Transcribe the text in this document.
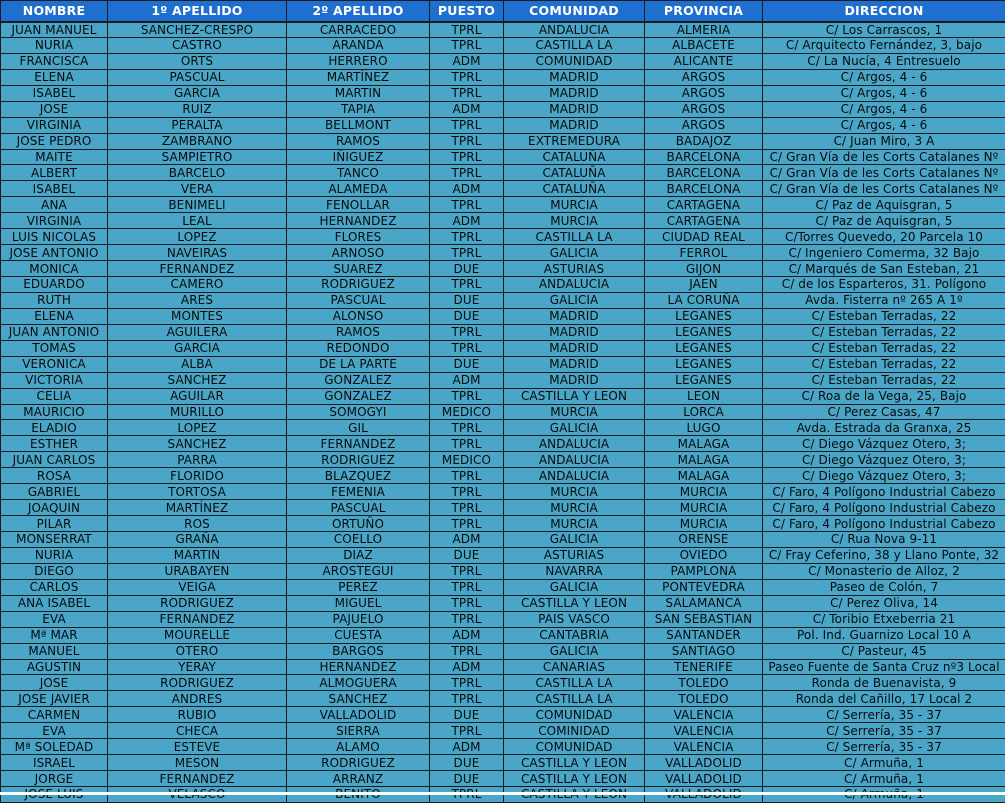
NOMBRE	1º APELLIDO	2º APELLIDO	PUESTO	COMUNIDAD	PROVINCIA	DIRECCION
JUAN MANUEL	SANCHEZ-CRESPO	CARRACEDO	TPRL	ANDALUCIA	ALMERIA	C/ Los Carrascos, 1
NURIA	CASTRO	ARANDA	TPRL	CASTILLA LA	ALBACETE	C/ Arquitecto Fernández, 3, bajo
FRANCISCA	ORTS	HERRERO	ADM	COMUNIDAD	ALICANTE	C/ La Nucía, 4 Entresuelo
ELENA	PASCUAL	MARTÍNEZ	TPRL	MADRID	ARGOS	C/ Argos, 4 - 6
ISABEL	GARCIA	MARTIN	TPRL	MADRID	ARGOS	C/ Argos, 4 - 6
JOSE	RUIZ	TAPIA	ADM	MADRID	ARGOS	C/ Argos, 4 - 6
VIRGINIA	PERALTA	BELLMONT	TPRL	MADRID	ARGOS	C/ Argos, 4 - 6
JOSE PEDRO	ZAMBRANO	RAMOS	TPRL	EXTREMEDURA	BADAJOZ	C/ Juan Miro, 3 A
MAITE	SAMPIETRO	IÑIGUEZ	TPRL	CATALUÑA	BARCELONA	C/ Gran Vía de les Corts Catalanes Nº
ALBERT	BARCELO	TANCO	TPRL	CATALUÑA	BARCELONA	C/ Gran Vía de les Corts Catalanes Nº
ISABEL	VERA	ALAMEDA	ADM	CATALUÑA	BARCELONA	C/ Gran Vía de les Corts Catalanes Nº
ANA	BENIMELI	FENOLLAR	TPRL	MURCIA	CARTAGENA	C/ Paz de Aquisgran, 5
VIRGINIA	LEAL	HERNANDEZ	ADM	MURCIA	CARTAGENA	C/ Paz de Aquisgran, 5
LUIS NICOLAS	LOPEZ	FLORES	TPRL	CASTILLA LA	CIUDAD REAL	C/Torres Quevedo, 20 Parcela 10
JOSE ANTONIO	NAVEIRAS	ARNOSO	TPRL	GALICIA	FERROL	C/ Ingeniero Comerma, 32 Bajo
MONICA	FERNANDEZ	SUAREZ	DUE	ASTURIAS	GIJON	C/ Marqués de San Esteban, 21
EDUARDO	CAMERO	RODRIGUEZ	TPRL	ANDALUCIA	JAEN	C/ de los Esparteros, 31. Polígono
RUTH	ARES	PASCUAL	DUE	GALICIA	LA CORUÑA	Avda. Fisterra nº 265 A 1º
ELENA	MONTES	ALONSO	DUE	MADRID	LEGANES	C/ Esteban Terradas, 22
JUAN ANTONIO	AGUILERA	RAMOS	TPRL	MADRID	LEGANES	C/ Esteban Terradas, 22
TOMAS	GARCIA	REDONDO	TPRL	MADRID	LEGANES	C/ Esteban Terradas, 22
VERONICA	ALBA	DE LA PARTE	DUE	MADRID	LEGANES	C/ Esteban Terradas, 22
VICTORIA	SANCHEZ	GONZALEZ	ADM	MADRID	LEGANES	C/ Esteban Terradas, 22
CELIA	AGUILAR	GONZALEZ	TPRL	CASTILLA Y LEON	LEON	C/ Roa de la Vega, 25, Bajo
MAURICIO	MURILLO	SOMOGYI	MEDICO	MURCIA	LORCA	C/ Perez Casas, 47
ELADIO	LOPEZ	GIL	TPRL	GALICIA	LUGO	Avda. Estrada da Granxa, 25
ESTHER	SANCHEZ	FERNANDEZ	TPRL	ANDALUCIA	MALAGA	C/ Diego Vázquez Otero, 3;
JUAN CARLOS	PARRA	RODRIGUEZ	MEDICO	ANDALUCIA	MALAGA	C/ Diego Vázquez Otero, 3;
ROSA	FLORIDO	BLAZQUEZ	TPRL	ANDALUCIA	MALAGA	C/ Diego Vázquez Otero, 3;
GABRIEL	TORTOSA	FEMENIA	TPRL	MURCIA	MURCIA	C/ Faro, 4 Polígono Industrial Cabezo
JOAQUIN	MARTÍNEZ	PASCUAL	TPRL	MURCIA	MURCIA	C/ Faro, 4 Polígono Industrial Cabezo
PILAR	ROS	ORTUÑO	TPRL	MURCIA	MURCIA	C/ Faro, 4 Polígono Industrial Cabezo
MONSERRAT	GRAÑA	COELLO	ADM	GALICIA	ORENSE	C/ Rua Nova 9-11
NURIA	MARTIN	DIAZ	DUE	ASTURIAS	OVIEDO	C/ Fray Ceferino, 38 y Llano Ponte, 32
DIEGO	URABAYEN	AROSTEGUI	TPRL	NAVARRA	PAMPLONA	C/ Monasterio de Alloz, 2
CARLOS	VEIGA	PEREZ	TPRL	GALICIA	PONTEVEDRA	Paseo de Colón, 7
ANA ISABEL	RODRIGUEZ	MIGUEL	TPRL	CASTILLA Y LEON	SALAMANCA	C/ Perez Oliva, 14
EVA	FERNANDEZ	PAJUELO	TPRL	PAIS VASCO	SAN SEBASTIAN	C/ Toribio Etxeberria 21
Mª MAR	MOURELLE	CUESTA	ADM	CANTABRIA	SANTANDER	Pol. Ind. Guarnizo Local 10 A
MANUEL	OTERO	BARGOS	TPRL	GALICIA	SANTIAGO	C/ Pasteur, 45
AGUSTIN	YERAY	HERNANDEZ	ADM	CANARIAS	TENERIFE	Paseo Fuente de Santa Cruz nº3 Local
JOSE	RODRIGUEZ	ALMOGUERA	TPRL	CASTILLA LA	TOLEDO	Ronda de Buenavista, 9
JOSE JAVIER	ANDRES	SANCHEZ	TPRL	CASTILLA LA	TOLEDO	Ronda del Cañillo, 17 Local 2
CARMEN	RUBIO	VALLADOLID	DUE	COMUNIDAD	VALENCIA	C/ Serrería, 35 - 37
EVA	CHECA	SIERRA	TPRL	COMINIDAD	VALENCIA	C/ Serrería, 35 - 37
Mª SOLEDAD	ESTEVE	ALAMO	ADM	COMUNIDAD	VALENCIA	C/ Serrería, 35 - 37
ISRAEL	MESON	RODRIGUEZ	DUE	CASTILLA Y LEON	VALLADOLID	C/ Armuña, 1
JORGE	FERNANDEZ	ARRANZ	DUE	CASTILLA Y LEON	VALLADOLID	C/ Armuña, 1
